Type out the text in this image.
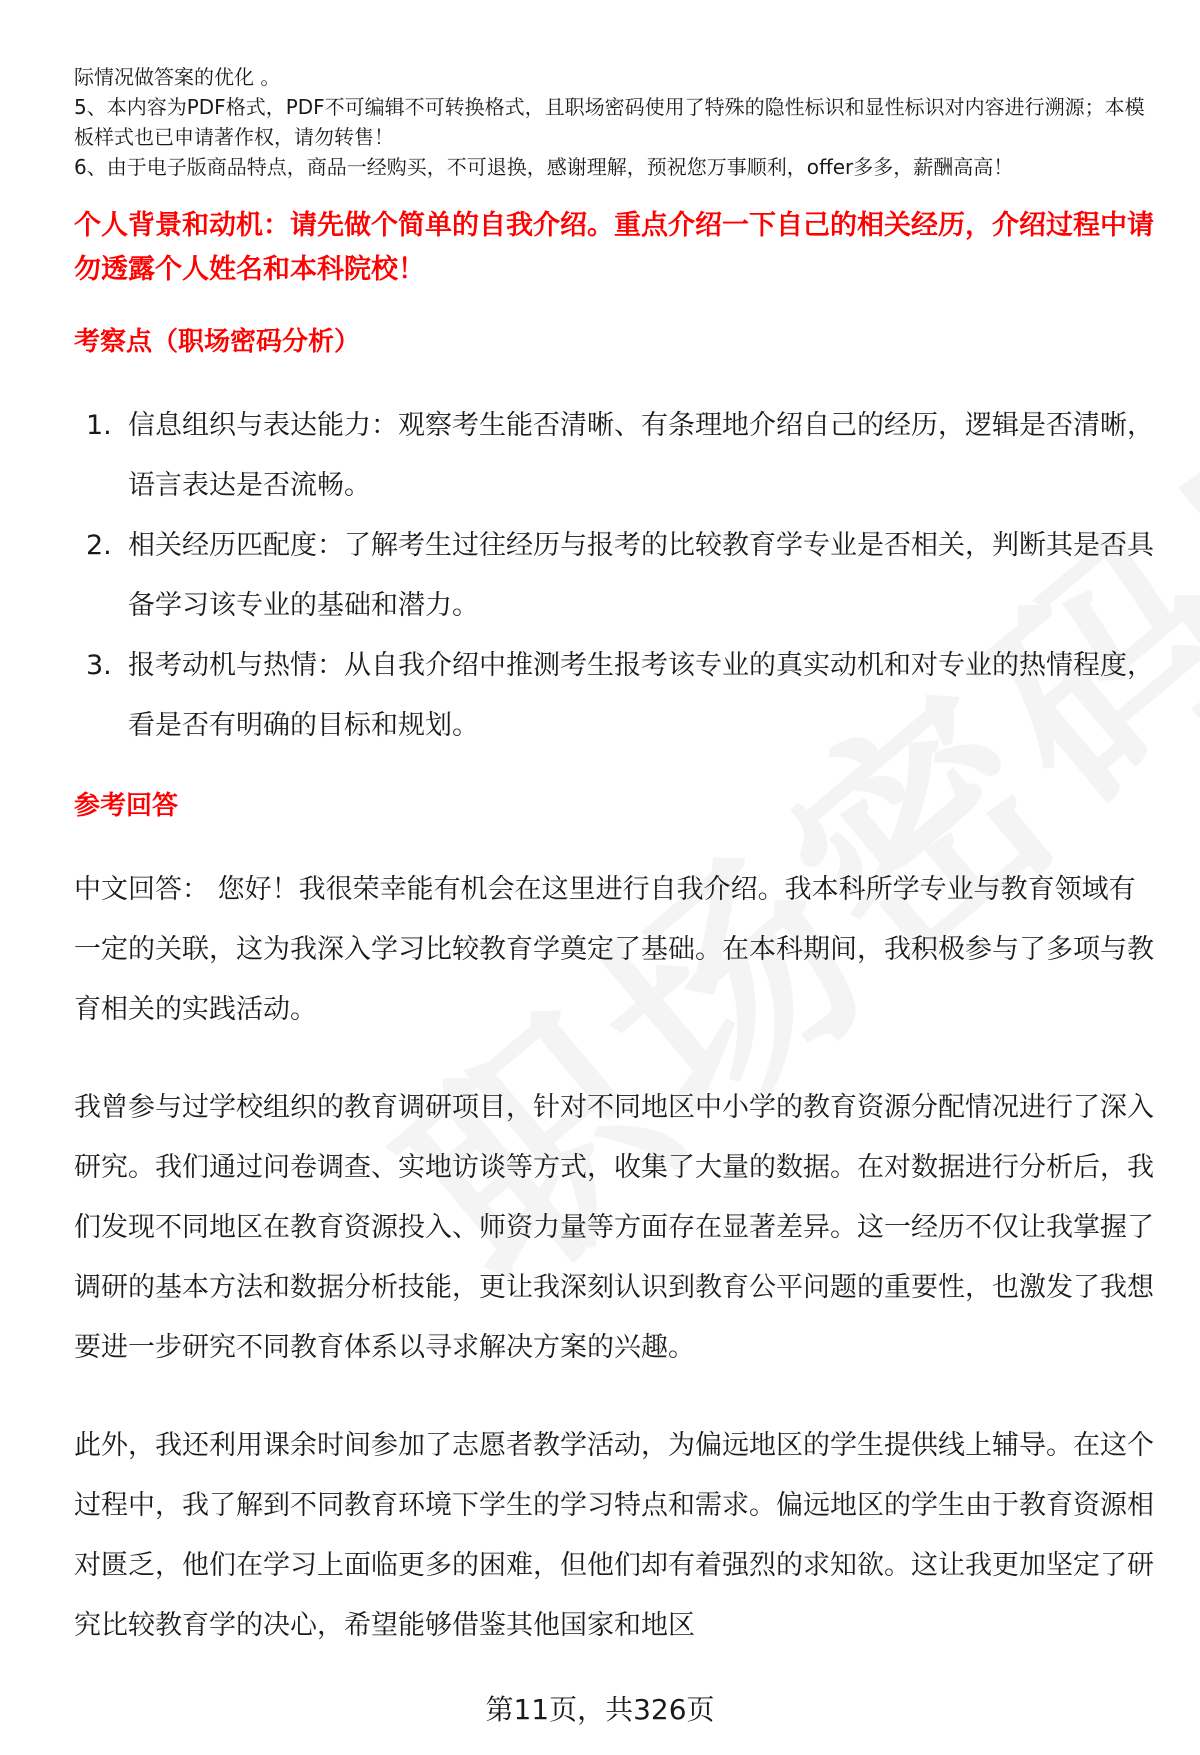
际情况做答案的优化 。

5、本内容为PDF格式，PDF不可编辑不可转换格式，且职场密码使用了特殊的隐性标识和显性标识对内容进行溯源；本模板样式也已申请著作权，请勿转售！

6、由于电子版商品特点，商品一经购买，不可退换，感谢理解，预祝您万事顺利，offer多多，薪酬高高！

个人背景和动机：请先做个简单的自我介绍。重点介绍一下自己的相关经历，介绍过程中请勿透露个人姓名和本科院校！
考察点（职场密码分析）
1. 信息组织与表达能力：观察考生能否清晰、有条理地介绍自己的经历，逻辑是否清晰，语言表达是否流畅。
2. 相关经历匹配度：了解考生过往经历与报考的比较教育学专业是否相关，判断其是否具备学习该专业的基础和潜力。
3. 报考动机与热情：从自我介绍中推测考生报考该专业的真实动机和对专业的热情程度，看是否有明确的目标和规划。
参考回答

中文回答： 您好！我很荣幸能有机会在这里进行自我介绍。我本科所学专业与教育领域有一定的关联，这为我深入学习比较教育学奠定了基础。在本科期间，我积极参与了多项与教育相关的实践活动。

我曾参与过学校组织的教育调研项目，针对不同地区中小学的教育资源分配情况进行了深入研究。我们通过问卷调查、实地访谈等方式，收集了大量的数据。在对数据进行分析后，我们发现不同地区在教育资源投入、师资力量等方面存在显著差异。这一经历不仅让我掌握了调研的基本方法和数据分析技能，更让我深刻认识到教育公平问题的重要性，也激发了我想要进一步研究不同教育体系以寻求解决方案的兴趣。

此外，我还利用课余时间参加了志愿者教学活动，为偏远地区的学生提供线上辅导。在这个过程中，我了解到不同教育环境下学生的学习特点和需求。偏远地区的学生由于教育资源相对匮乏，他们在学习上面临更多的困难，但他们却有着强烈的求知欲。这让我更加坚定了研究比较教育学的决心，希望能够借鉴其他国家和地区

第11页，共326页
